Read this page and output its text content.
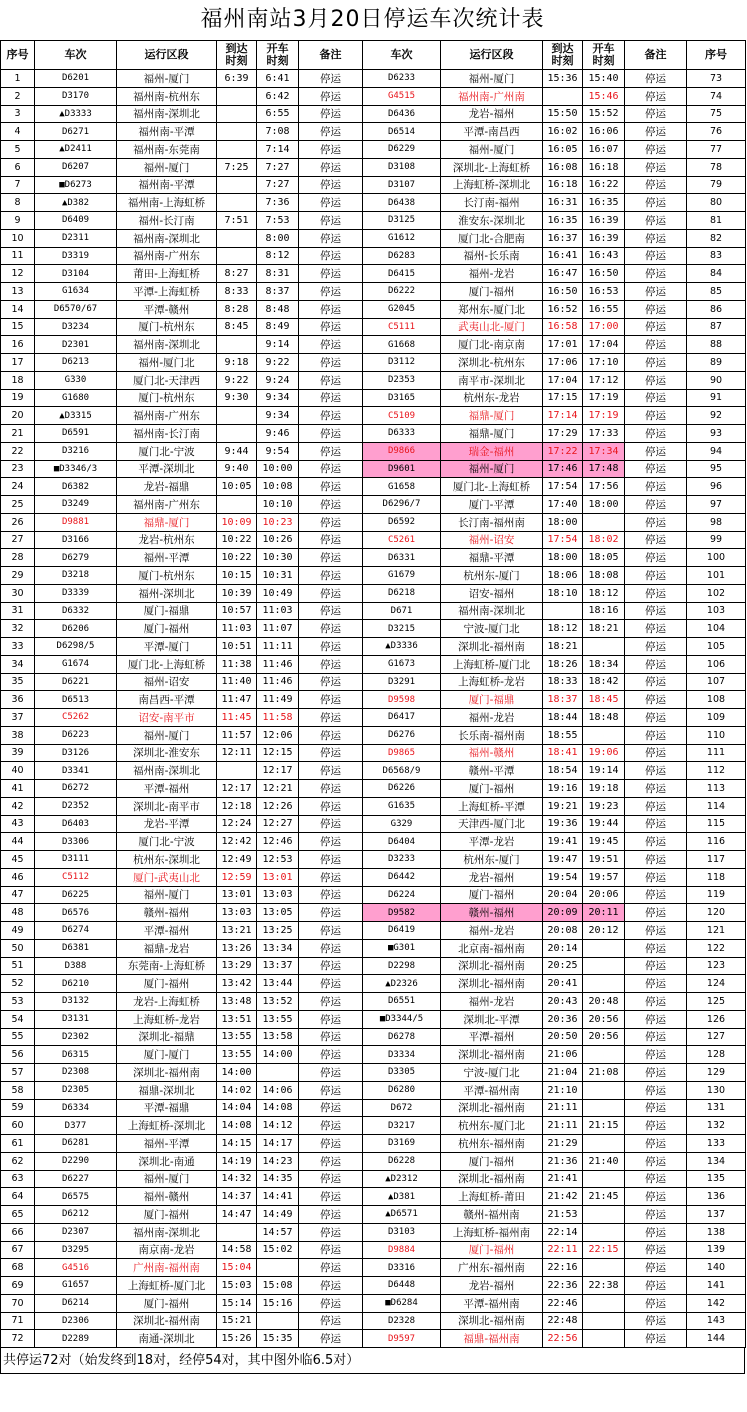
福州南站3月20日停运车次统计表
序号	车次	运行区段	到达
时刻	开车
时刻	备注	车次	运行区段	到达
时刻	开车
时刻	备注	序号
1	D6201	福州-厦门	6:39	6:41	停运	D6233	福州-厦门	15:36	15:40	停运	73
2	D3170	福州南-杭州东		6:42	停运	G4515	福州南-广州南		15:46	停运	74
3	▲D3333	福州南-深圳北		6:55	停运	D6436	龙岩-福州	15:50	15:52	停运	75
4	D6271	福州南-平潭		7:08	停运	D6514	平潭-南昌西	16:02	16:06	停运	76
5	▲D2411	福州南-东莞南		7:14	停运	D6229	福州-厦门	16:05	16:07	停运	77
6	D6207	福州-厦门	7:25	7:27	停运	D3108	深圳北-上海虹桥	16:08	16:18	停运	78
7	■D6273	福州南-平潭		7:27	停运	D3107	上海虹桥-深圳北	16:18	16:22	停运	79
8	▲D382	福州南-上海虹桥		7:36	停运	D6438	长汀南-福州	16:31	16:35	停运	80
9	D6409	福州-长汀南	7:51	7:53	停运	D3125	淮安东-深圳北	16:35	16:39	停运	81
10	D2311	福州南-深圳北		8:00	停运	G1612	厦门北-合肥南	16:37	16:39	停运	82
11	D3319	福州南-广州东		8:12	停运	D6283	福州-长乐南	16:41	16:43	停运	83
12	D3104	莆田-上海虹桥	8:27	8:31	停运	D6415	福州-龙岩	16:47	16:50	停运	84
13	G1634	平潭-上海虹桥	8:33	8:37	停运	D6222	厦门-福州	16:50	16:53	停运	85
14	D6570/67	平潭-赣州	8:28	8:48	停运	G2045	郑州东-厦门北	16:52	16:55	停运	86
15	D3234	厦门-杭州东	8:45	8:49	停运	C5111	武夷山北-厦门	16:58	17:00	停运	87
16	D2301	福州南-深圳北		9:14	停运	G1668	厦门北-南京南	17:01	17:04	停运	88
17	D6213	福州-厦门北	9:18	9:22	停运	D3112	深圳北-杭州东	17:06	17:10	停运	89
18	G330	厦门北-天津西	9:22	9:24	停运	D2353	南平市-深圳北	17:04	17:12	停运	90
19	G1680	厦门-杭州东	9:30	9:34	停运	D3165	杭州东-龙岩	17:15	17:19	停运	91
20	▲D3315	福州南-广州东		9:34	停运	C5109	福鼎-厦门	17:14	17:19	停运	92
21	D6591	福州南-长汀南		9:46	停运	D6333	福鼎-厦门	17:29	17:33	停运	93
22	D3216	厦门北-宁波	9:44	9:54	停运	D9866	瑞金-福州	17:22	17:34	停运	94
23	■D3346/3	平潭-深圳北	9:40	10:00	停运	D9601	福州-厦门	17:46	17:48	停运	95
24	D6382	龙岩-福鼎	10:05	10:08	停运	G1658	厦门北-上海虹桥	17:54	17:56	停运	96
25	D3249	福州南-广州东		10:10	停运	D6296/7	厦门-平潭	17:40	18:00	停运	97
26	D9881	福鼎-厦门	10:09	10:23	停运	D6592	长汀南-福州南	18:00		停运	98
27	D3166	龙岩-杭州东	10:22	10:26	停运	C5261	福州-诏安	17:54	18:02	停运	99
28	D6279	福州-平潭	10:22	10:30	停运	D6331	福鼎-平潭	18:00	18:05	停运	100
29	D3218	厦门-杭州东	10:15	10:31	停运	G1679	杭州东-厦门	18:06	18:08	停运	101
30	D3339	福州-深圳北	10:39	10:49	停运	D6218	诏安-福州	18:10	18:12	停运	102
31	D6332	厦门-福鼎	10:57	11:03	停运	D671	福州南-深圳北		18:16	停运	103
32	D6206	厦门-福州	11:03	11:07	停运	D3215	宁波-厦门北	18:12	18:21	停运	104
33	D6298/5	平潭-厦门	10:51	11:11	停运	▲D3336	深圳北-福州南	18:21		停运	105
34	G1674	厦门北-上海虹桥	11:38	11:46	停运	G1673	上海虹桥-厦门北	18:26	18:34	停运	106
35	D6221	福州-诏安	11:40	11:46	停运	D3291	上海虹桥-龙岩	18:33	18:42	停运	107
36	D6513	南昌西-平潭	11:47	11:49	停运	D9598	厦门-福鼎	18:37	18:45	停运	108
37	C5262	诏安-南平市	11:45	11:58	停运	D6417	福州-龙岩	18:44	18:48	停运	109
38	D6223	福州-厦门	11:57	12:06	停运	D6276	长乐南-福州南	18:55		停运	110
39	D3126	深圳北-淮安东	12:11	12:15	停运	D9865	福州-赣州	18:41	19:06	停运	111
40	D3341	福州南-深圳北		12:17	停运	D6568/9	赣州-平潭	18:54	19:14	停运	112
41	D6272	平潭-福州	12:17	12:21	停运	D6226	厦门-福州	19:16	19:18	停运	113
42	D2352	深圳北-南平市	12:18	12:26	停运	G1635	上海虹桥-平潭	19:21	19:23	停运	114
43	D6403	龙岩-平潭	12:24	12:27	停运	G329	天津西-厦门北	19:36	19:44	停运	115
44	D3306	厦门北-宁波	12:42	12:46	停运	D6404	平潭-龙岩	19:41	19:45	停运	116
45	D3111	杭州东-深圳北	12:49	12:53	停运	D3233	杭州东-厦门	19:47	19:51	停运	117
46	C5112	厦门-武夷山北	12:59	13:01	停运	D6442	龙岩-福州	19:54	19:57	停运	118
47	D6225	福州-厦门	13:01	13:03	停运	D6224	厦门-福州	20:04	20:06	停运	119
48	D6576	赣州-福州	13:03	13:05	停运	D9582	赣州-福州	20:09	20:11	停运	120
49	D6274	平潭-福州	13:21	13:25	停运	D6419	福州-龙岩	20:08	20:12	停运	121
50	D6381	福鼎-龙岩	13:26	13:34	停运	■G301	北京南-福州南	20:14		停运	122
51	D388	东莞南-上海虹桥	13:29	13:37	停运	D2298	深圳北-福州南	20:25		停运	123
52	D6210	厦门-福州	13:42	13:44	停运	▲D2326	深圳北-福州南	20:41		停运	124
53	D3132	龙岩-上海虹桥	13:48	13:52	停运	D6551	福州-龙岩	20:43	20:48	停运	125
54	D3131	上海虹桥-龙岩	13:51	13:55	停运	■D3344/5	深圳北-平潭	20:36	20:56	停运	126
55	D2302	深圳北-福鼎	13:55	13:58	停运	D6278	平潭-福州	20:50	20:56	停运	127
56	D6315	厦门-厦门	13:55	14:00	停运	D3334	深圳北-福州南	21:06		停运	128
57	D2308	深圳北-福州南	14:00		停运	D3305	宁波-厦门北	21:04	21:08	停运	129
58	D2305	福鼎-深圳北	14:02	14:06	停运	D6280	平潭-福州南	21:10		停运	130
59	D6334	平潭-福鼎	14:04	14:08	停运	D672	深圳北-福州南	21:11		停运	131
60	D377	上海虹桥-深圳北	14:08	14:12	停运	D3217	杭州东-厦门北	21:11	21:15	停运	132
61	D6281	福州-平潭	14:15	14:17	停运	D3169	杭州东-福州南	21:29		停运	133
62	D2290	深圳北-南通	14:19	14:23	停运	D6228	厦门-福州	21:36	21:40	停运	134
63	D6227	福州-厦门	14:32	14:35	停运	▲D2312	深圳北-福州南	21:41		停运	135
64	D6575	福州-赣州	14:37	14:41	停运	▲D381	上海虹桥-莆田	21:42	21:45	停运	136
65	D6212	厦门-福州	14:47	14:49	停运	▲D6571	赣州-福州南	21:53		停运	137
66	D2307	福州南-深圳北		14:57	停运	D3103	上海虹桥-福州南	22:14		停运	138
67	D3295	南京南-龙岩	14:58	15:02	停运	D9884	厦门-福州	22:11	22:15	停运	139
68	G4516	广州南-福州南	15:04		停运	D3316	广州东-福州南	22:16		停运	140
69	G1657	上海虹桥-厦门北	15:03	15:08	停运	D6448	龙岩-福州	22:36	22:38	停运	141
70	D6214	厦门-福州	15:14	15:16	停运	■D6284	平潭-福州南	22:46		停运	142
71	D2306	深圳北-福州南	15:21		停运	D2328	深圳北-福州南	22:48		停运	143
72	D2289	南通-深圳北	15:26	15:35	停运	D9597	福鼎-福州南	22:56		停运	144
共停运72对（始发终到18对，经停54对，其中图外临6.5对）
